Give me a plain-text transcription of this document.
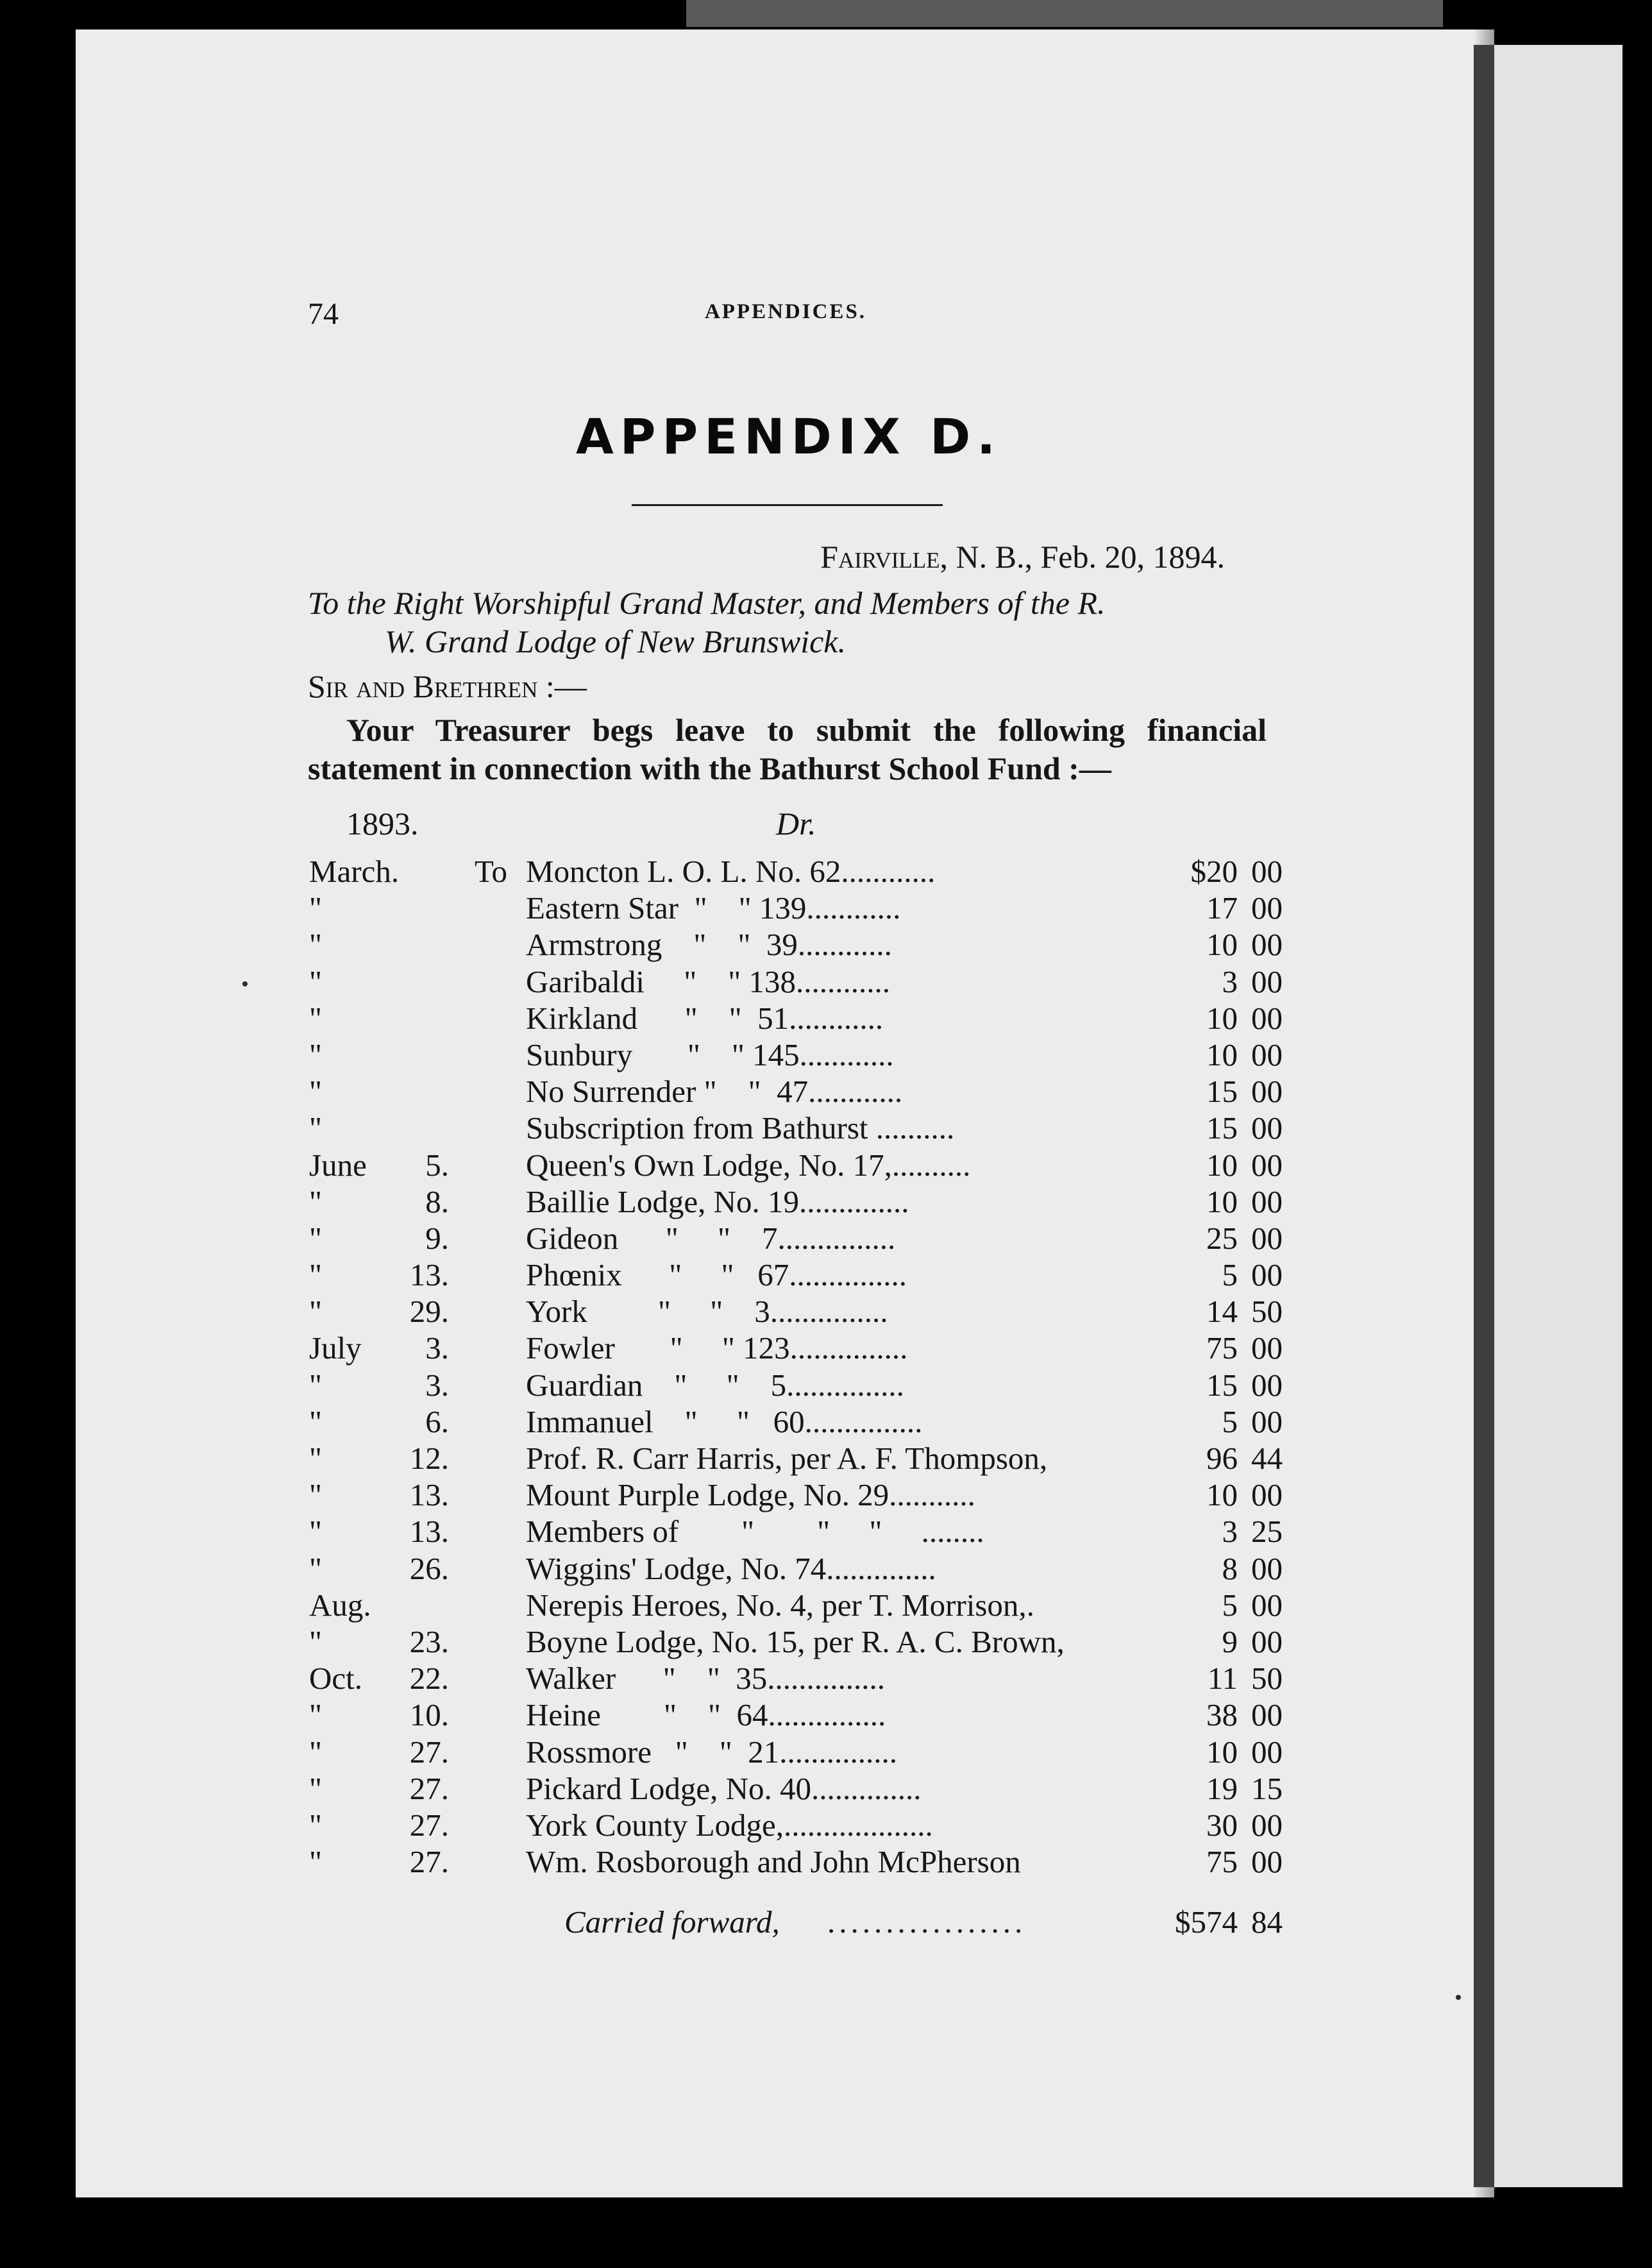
74	APPENDICES.
APPENDIX D.
Fairville, N. B., Feb. 20, 1894.
To the Right Worshipful Grand Master, and Members of the R.
W. Grand Lodge of New Brunswick.
Sir and Brethren :—
Your Treasurer begs leave to submit the following financial statement in connection with the Bathurst School Fund :—
1893.	Dr.
March. To Moncton L. O. L. No. 62............	$20 00
"	Eastern Star  "    " 139............	17 00
"	Armstrong    "    "  39............	10 00
"	Garibaldi     "    " 138............	3 00
"	Kirkland      "    "  51............	10 00
"	Sunbury       "    " 145............	10 00
"	No Surrender "    "  47............	15 00
"	Subscription from Bathurst ..........	15 00
June	5. Queen's Own Lodge, No. 17,..........	10 00
"	8. Baillie Lodge, No. 19..............	10 00
"	9. Gideon      "     "    7...............	25 00
"	13. Phœnix      "     "   67...............	5 00
"	29. York         "     "    3...............	14 50
July	3. Fowler       "     " 123...............	75 00
"	3. Guardian    "     "    5...............	15 00
"	6. Immanuel    "     "   60...............	5 00
"	12. Prof. R. Carr Harris, per A. F. Thompson,	96 44
"	13. Mount Purple Lodge, No. 29...........	10 00
"	13. Members of        "        "     "     ........	3 25
"	26. Wiggins' Lodge, No. 74..............	8 00
Aug.	Nerepis Heroes, No. 4, per T. Morrison,.	5 00
"	23. Boyne Lodge, No. 15, per R. A. C. Brown,	9 00
Oct.	22. Walker      "    "  35...............	11 50
"	10. Heine        "    "  64...............	38 00
"	27. Rossmore   "    "  21...............	10 00
"	27. Pickard Lodge, No. 40..............	19 15
"	27. York County Lodge,...................	30 00
"	27. Wm. Rosborough and John McPherson	75 00
Carried forward, .................	$574 84
